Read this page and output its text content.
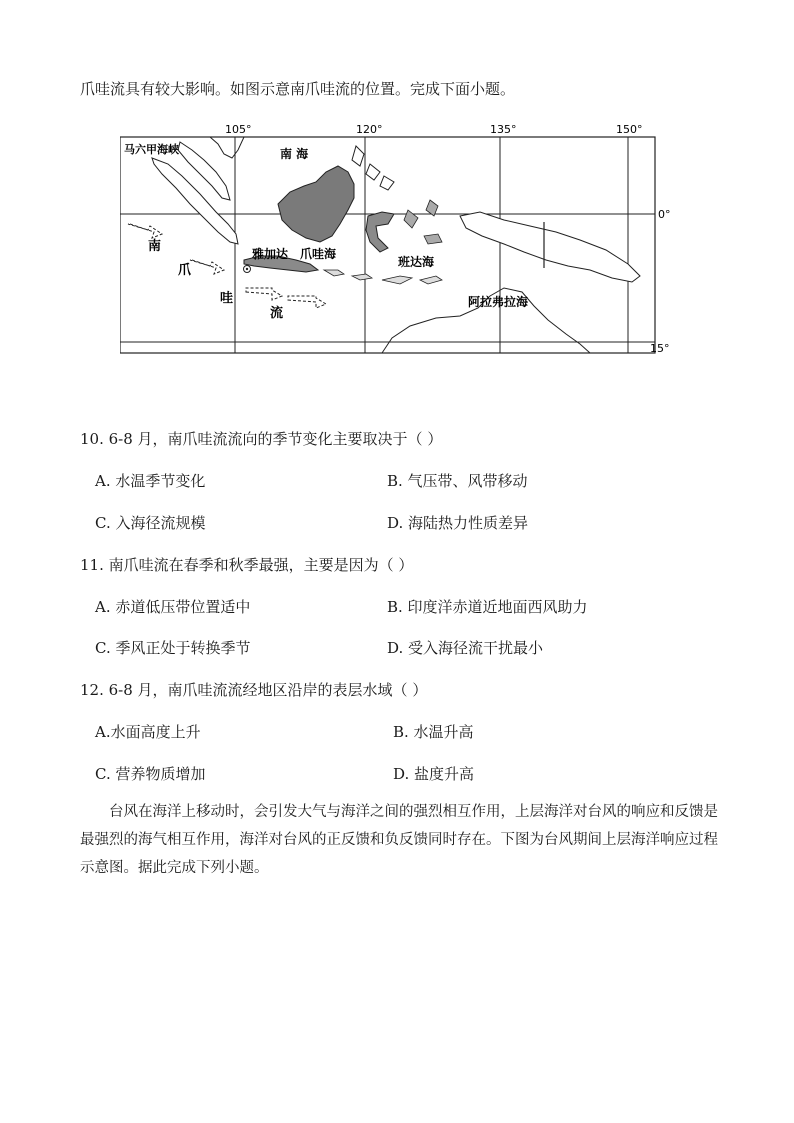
爪哇流具有较大影响。如图示意南爪哇流的位置。完成下面小题。
105°	120°	135°	150°
0°
15°
马六甲海峡	南 海
雅加达 爪哇海
班达海
阿拉弗拉海
南
爪
哇
流
10. 6-8 月，南爪哇流流向的季节变化主要取决于（ ）
A. 水温季节变化	B. 气压带、风带移动
C. 入海径流规模	D. 海陆热力性质差异
11. 南爪哇流在春季和秋季最强，主要是因为（ ）
A. 赤道低压带位置适中	B. 印度洋赤道近地面西风助力
C. 季风正处于转换季节	D. 受入海径流干扰最小
12. 6-8 月，南爪哇流流经地区沿岸的表层水域（ ）
A.水面高度上升	B. 水温升高
C. 营养物质增加	D. 盐度升高
台风在海洋上移动时，会引发大气与海洋之间的强烈相互作用，上层海洋对台风的响应和反馈是最强烈的海气相互作用，海洋对台风的正反馈和负反馈同时存在。下图为台风期间上层海洋响应过程示意图。据此完成下列小题。
